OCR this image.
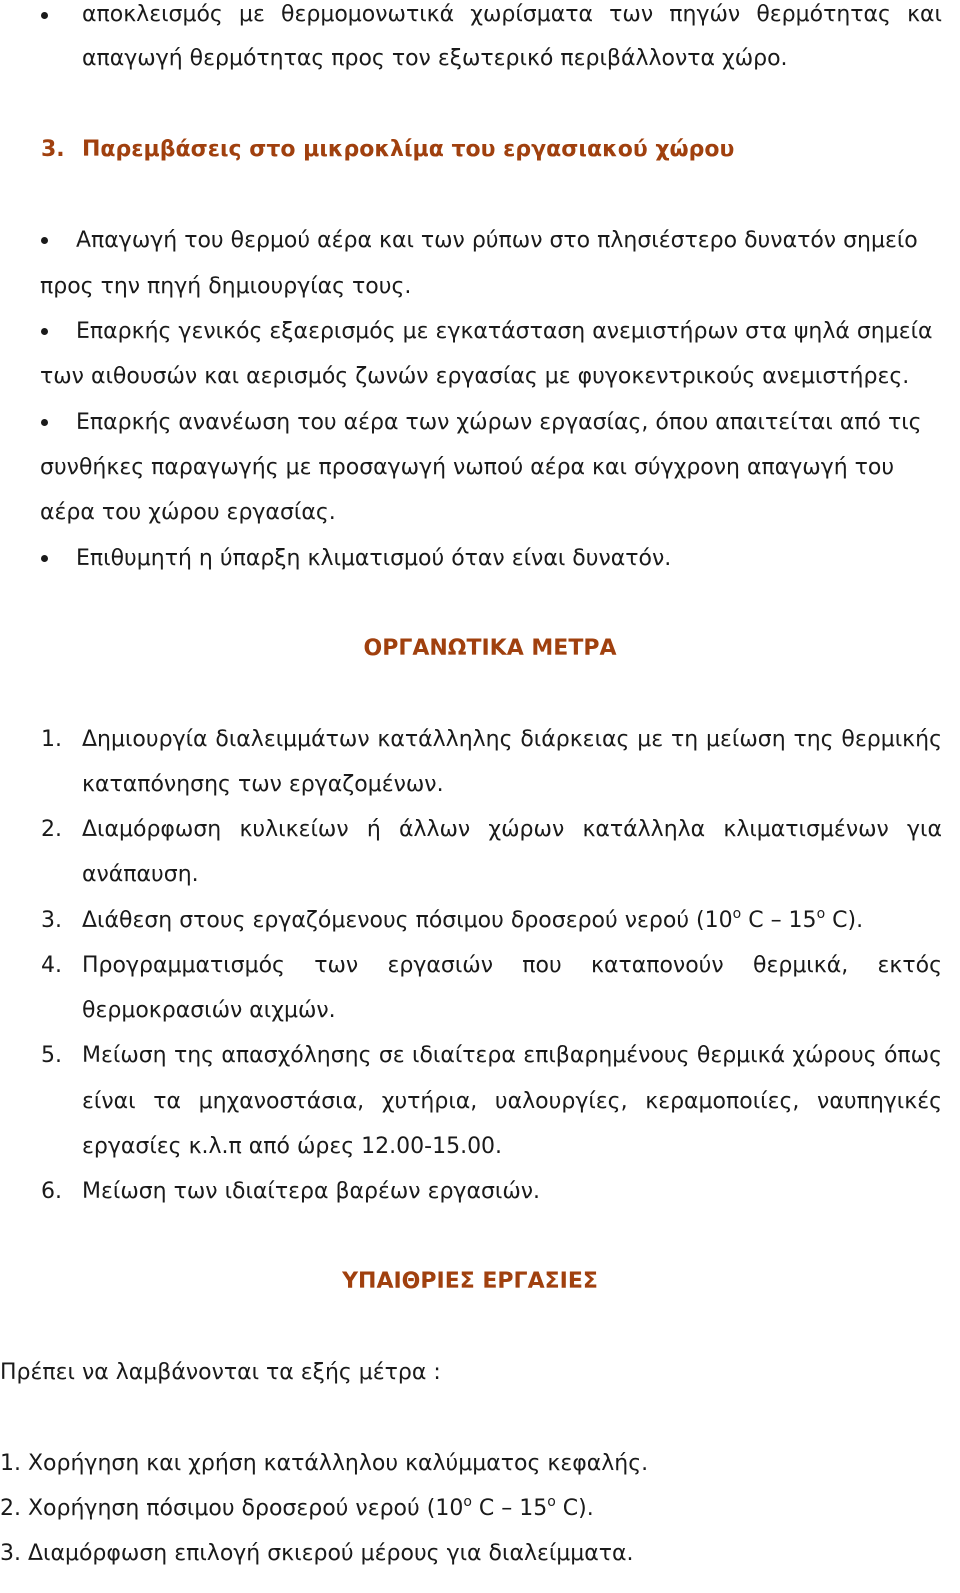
αποκλεισμός με θερμομονωτικά χωρίσματα των πηγών θερμότητας και
απαγωγή θερμότητας προς τον εξωτερικό περιβάλλοντα χώρο.
3. Παρεμβάσεις στο μικροκλίμα του εργασιακού χώρου
Απαγωγή του θερμού αέρα και των ρύπων στο πλησιέστερο δυνατόν σημείο
προς την πηγή δημιουργίας τους.
Επαρκής γενικός εξαερισμός με εγκατάσταση ανεμιστήρων στα ψηλά σημεία
των αιθουσών και αερισμός ζωνών εργασίας με φυγοκεντρικούς ανεμιστήρες.
Επαρκής ανανέωση του αέρα των χώρων εργασίας, όπου απαιτείται από τις
συνθήκες παραγωγής με προσαγωγή νωπού αέρα και σύγχρονη απαγωγή του
αέρα του χώρου εργασίας.
Επιθυμητή η ύπαρξη κλιματισμού όταν είναι δυνατόν.
ΟΡΓΑΝΩΤΙΚΑ ΜΕΤΡΑ
1. Δημιουργία διαλειμμάτων κατάλληλης διάρκειας με τη μείωση της θερμικής
καταπόνησης των εργαζομένων.
2. Διαμόρφωση κυλικείων ή άλλων χώρων κατάλληλα κλιματισμένων για
ανάπαυση.
3. Διάθεση στους εργαζόμενους πόσιμου δροσερού νερού ($10^o$ C – $15^o$ C).
4. Προγραμματισμός των εργασιών που καταπονούν θερμικά, εκτός
θερμοκρασιών αιχμών.
5. Μείωση της απασχόλησης σε ιδιαίτερα επιβαρημένους θερμικά χώρους όπως
είναι τα μηχανοστάσια, χυτήρια, υαλουργίες, κεραμοποιίες, ναυπηγικές
εργασίες κ.λ.π από ώρες 12.00-15.00.
6. Μείωση των ιδιαίτερα βαρέων εργασιών.
ΥΠΑΙΘΡΙΕΣ ΕΡΓΑΣΙΕΣ
Πρέπει να λαμβάνονται τα εξής μέτρα :
1. Χορήγηση και χρήση κατάλληλου καλύμματος κεφαλής.
2. Χορήγηση πόσιμου δροσερού νερού ($10^o$ C – $15^o$ C).
3. Διαμόρφωση επιλογή σκιερού μέρους για διαλείμματα.
